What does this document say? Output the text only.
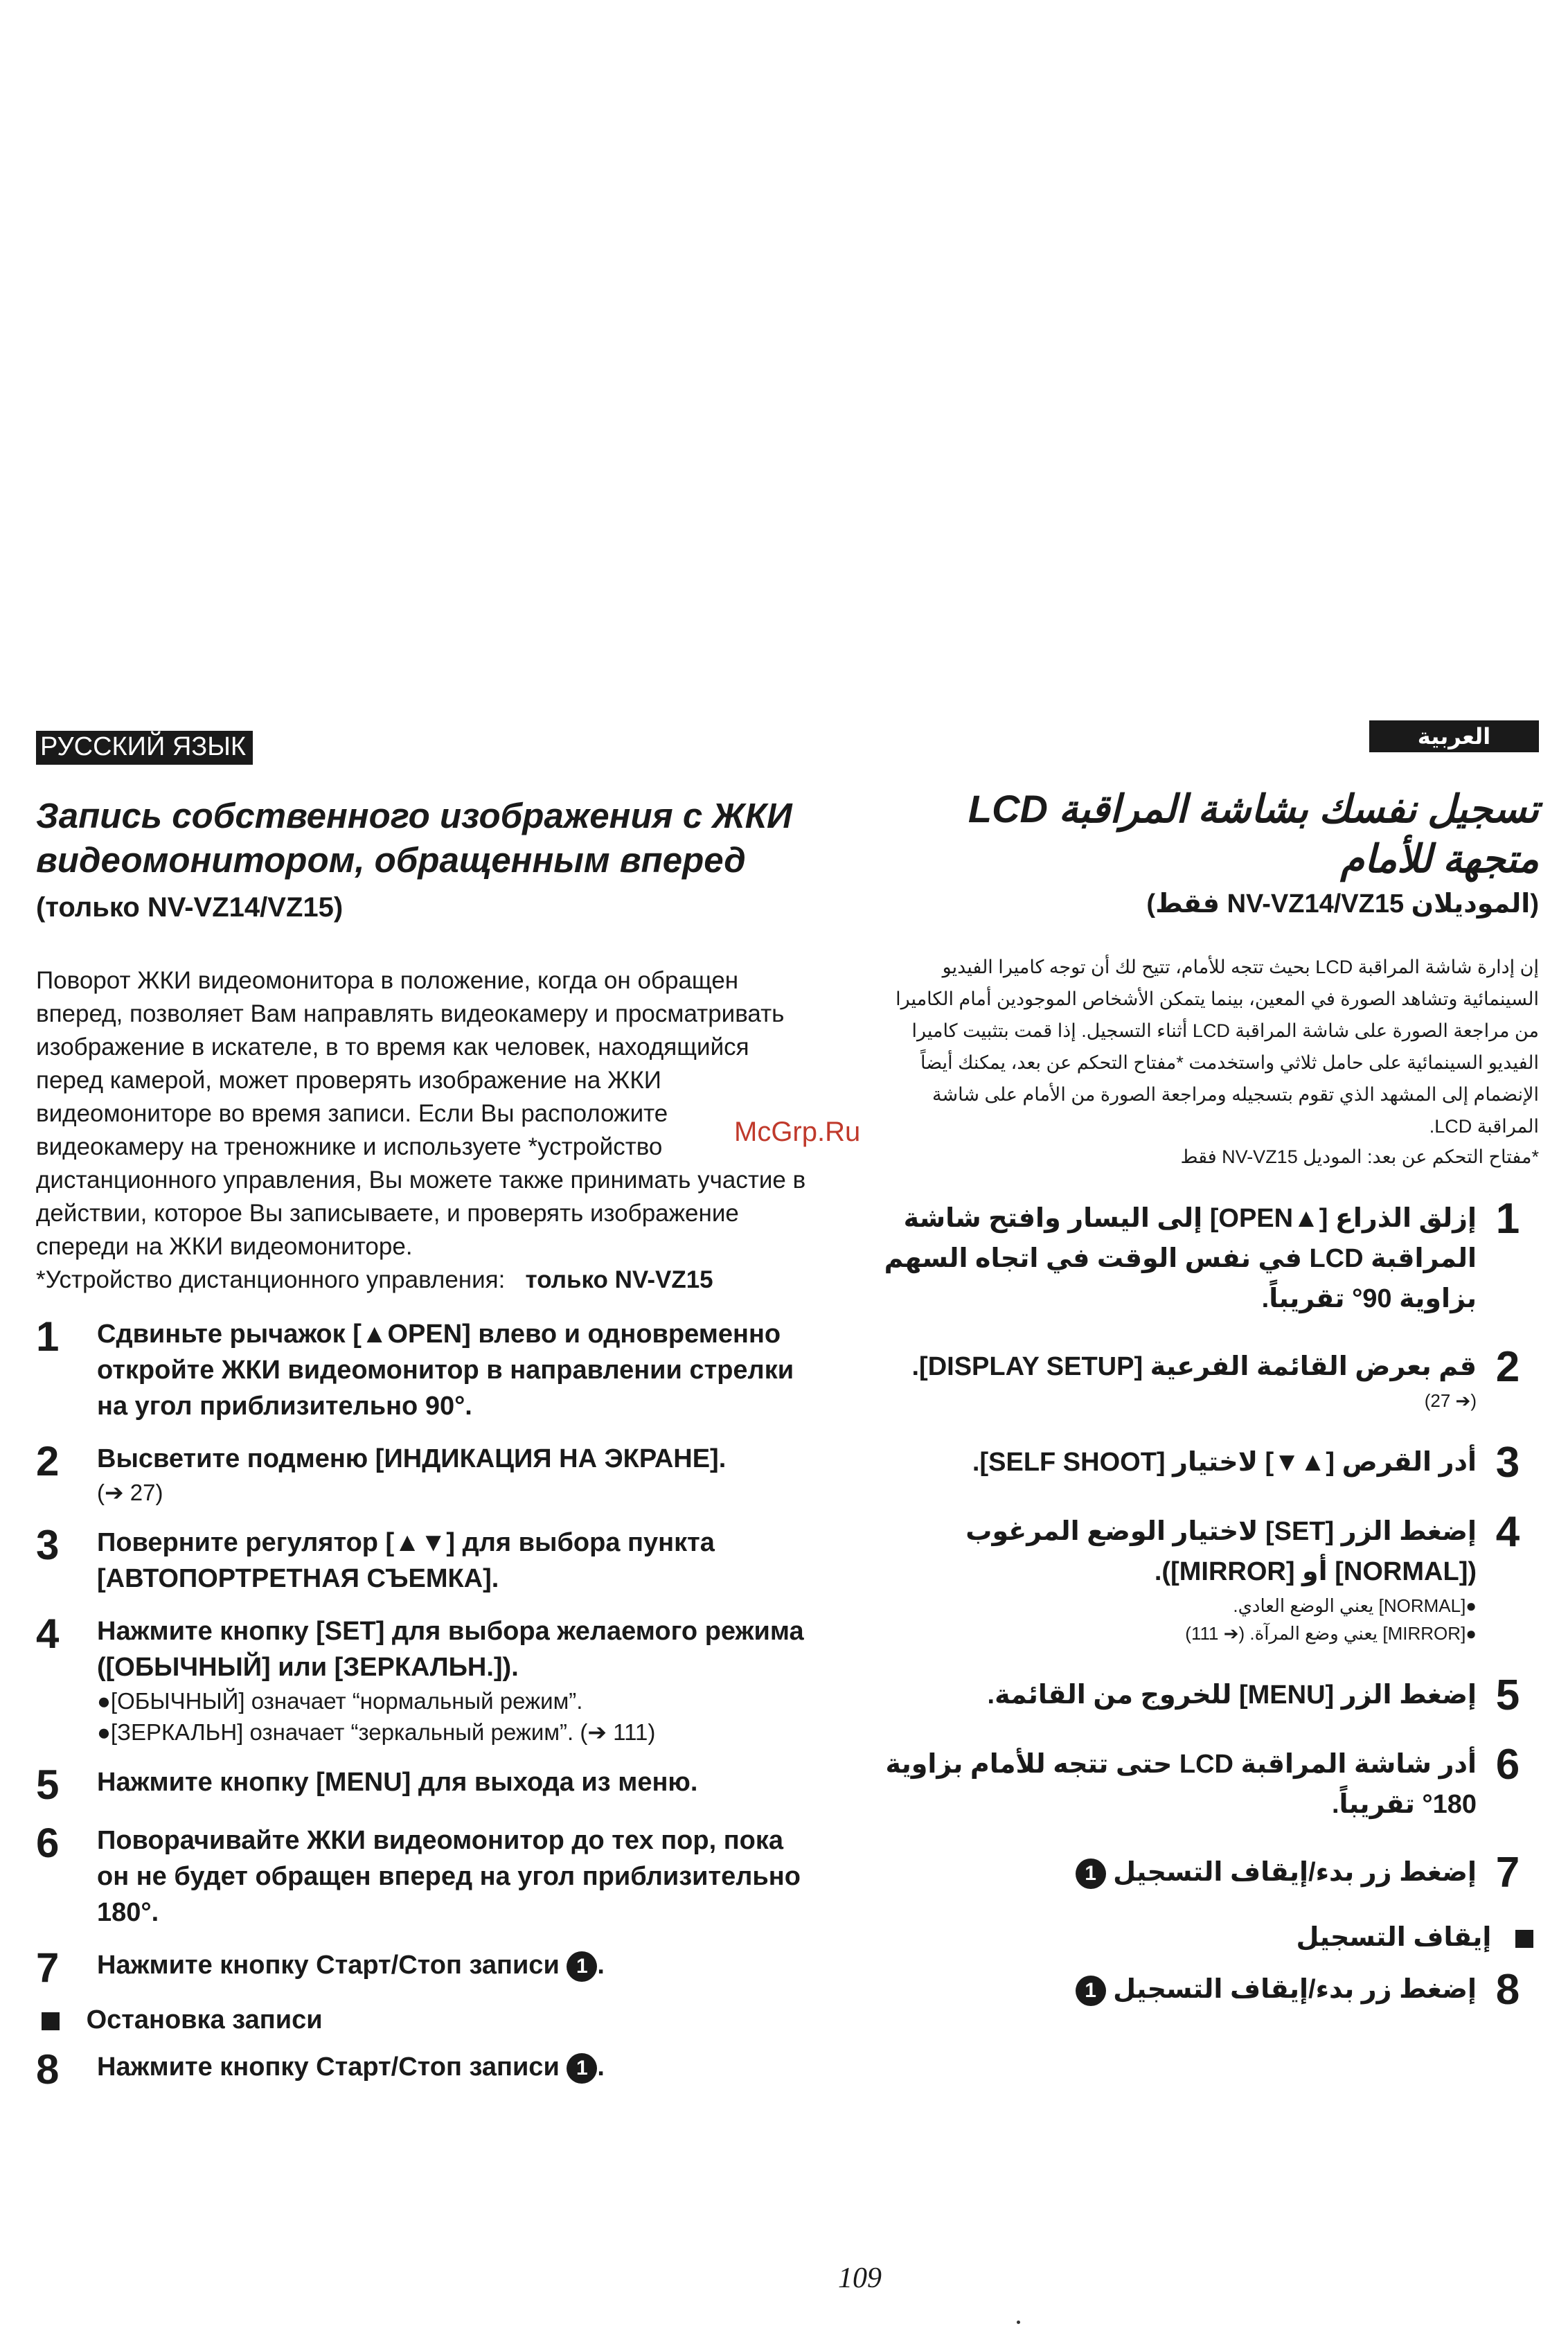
РУССКИЙ ЯЗЫК
Запись собственного изображения с ЖКИ видеомонитором, обращенным вперед (только NV-VZ14/VZ15)
Поворот ЖКИ видеомонитора в положение, когда он обращен вперед, позволяет Вам направлять видеокамеру и просматривать изображение в искателе, в то время как человек, находящийся перед камерой, может проверять изображение на ЖКИ видеомониторе во время записи. Если Вы расположите видеокамеру на треножнике и используете *устройство дистанционного управления, Вы можете также принимать участие в действии, которое Вы записываете, и проверять изображение спереди на ЖКИ видеомониторе.
*Устройство дистанционного управления: только NV-VZ15
1	Сдвиньте рычажок [▲OPEN] влево и одновременно откройте ЖКИ видеомонитор в направлении стрелки на угол приблизительно 90°.
2	Высветите подменю [ИНДИКАЦИЯ НА ЭКРАНЕ].
(➔ 27)
3	Поверните регулятор [▲▼] для выбора пункта [АВТОПОРТРЕТНАЯ СЪЕМКА].
4	Нажмите кнопку [SET] для выбора желаемого режима ([ОБЫЧНЫЙ] или [ЗЕРКАЛЬН.]).
●[ОБЫЧНЫЙ] означает “нормальный режим”.
●[ЗЕРКАЛЬН] означает “зеркальный режим”. (➔ 111)
5	Нажмите кнопку [MENU] для выхода из меню.
6	Поворачивайте ЖКИ видеомонитор до тех пор, пока он не будет обращен вперед на угол приблизительно 180°.
7	Нажмите кнопку Старт/Стоп записи 1 .
Остановка записи
8	Нажмите кнопку Старт/Стоп записи 1 .
العربية
تسجيل نفسك بشاشة المراقبة LCD متجهة للأمام
(الموديلان NV-VZ14/VZ15 فقط)
إن إدارة شاشة المراقبة LCD بحيث تتجه للأمام، تتيح لك أن توجه كاميرا الفيديو السينمائية وتشاهد الصورة في المعين، بينما يتمكن الأشخاص الموجودين أمام الكاميرا من مراجعة الصورة على شاشة المراقبة LCD أثناء التسجيل. إذا قمت بتثبيت كاميرا الفيديو السينمائية على حامل ثلاثي واستخدمت *مفتاح التحكم عن بعد، يمكنك أيضاً الإنضمام إلى المشهد الذي تقوم بتسجيله ومراجعة الصورة من الأمام على شاشة المراقبة LCD.
*مفتاح التحكم عن بعد: الموديل NV-VZ15 فقط
1
إزلق الذراع [▲OPEN] إلى اليسار وافتح شاشة المراقبة LCD في نفس الوقت في اتجاه السهم بزاوية 90° تقريباً.
2
قم بعرض القائمة الفرعية [DISPLAY SETUP].
(➔ 27)
3
أدر القرص [▲▼] لاختيار [SELF SHOOT].
4
إضغط الزر [SET] لاختيار الوضع المرغوب ([NORMAL] أو [MIRROR]).
●[NORMAL] يعني الوضع العادي.
●[MIRROR] يعني وضع المرآة. (➔ 111)
5
إضغط الزر [MENU] للخروج من القائمة.
6
أدر شاشة المراقبة LCD حتى تتجه للأمام بزاوية 180° تقريباً.
7
إضغط زر بدء/إيقاف التسجيل 1
إيقاف التسجيل
8
إضغط زر بدء/إيقاف التسجيل 1
McGrp.Ru
109
